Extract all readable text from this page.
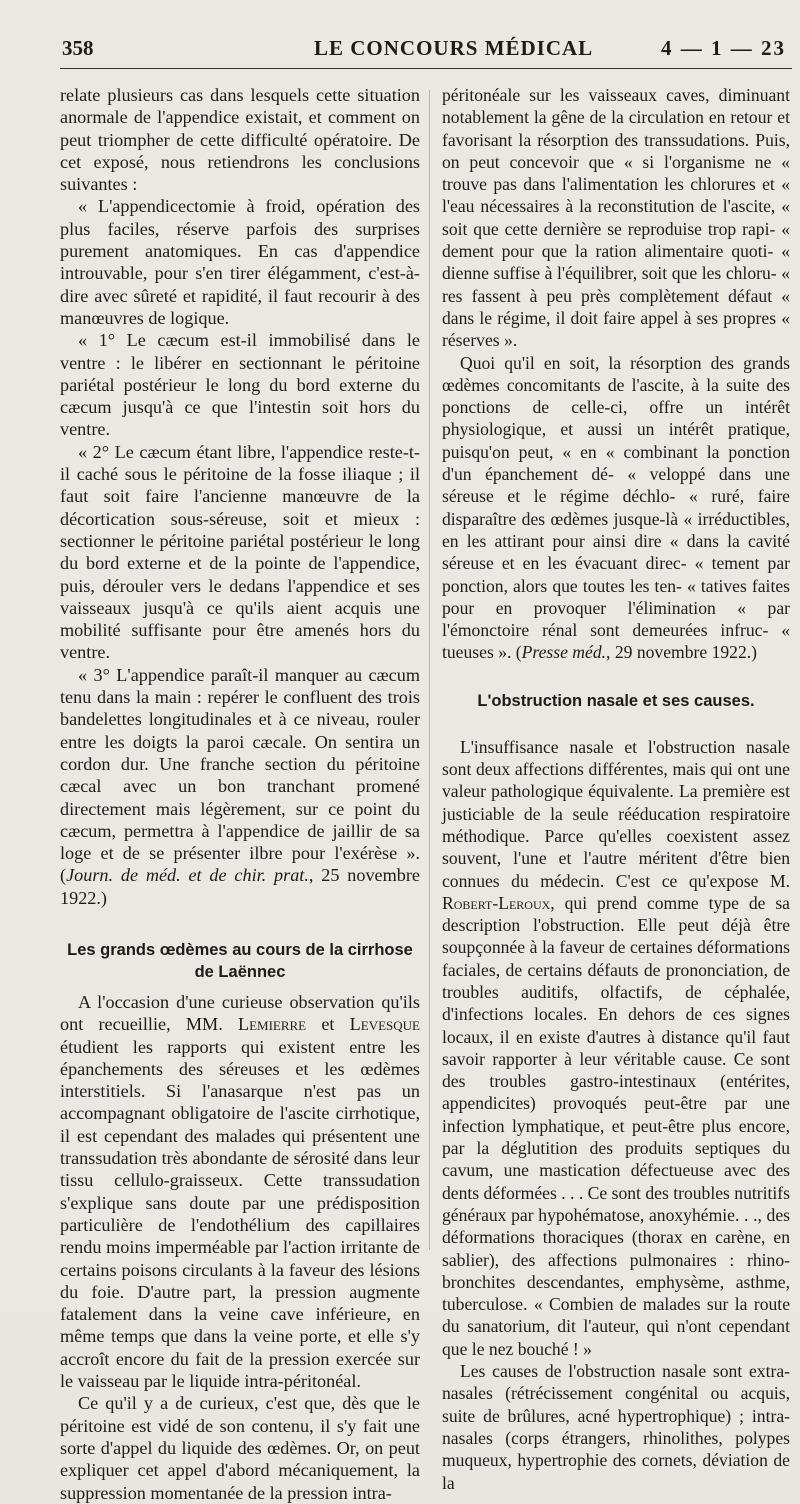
358	LE CONCOURS MÉDICAL	4 — 1 — 23

relate plusieurs cas dans lesquels cette situation anormale de l'appendice existait, et comment on peut triompher de cette difficulté opératoire. De cet exposé, nous retiendrons les conclusions suivantes :

« L'appendicectomie à froid, opération des plus faciles, réserve parfois des surprises purement anatomiques. En cas d'appendice introuvable, pour s'en tirer élégamment, c'est-à-dire avec sûreté et rapidité, il faut recourir à des manœuvres de logique.

« 1° Le cæcum est-il immobilisé dans le ventre : le libérer en sectionnant le péritoine pariétal postérieur le long du bord externe du cæcum jusqu'à ce que l'intestin soit hors du ventre.

« 2° Le cæcum étant libre, l'appendice reste-t-il caché sous le péritoine de la fosse iliaque ; il faut soit faire l'ancienne manœuvre de la décortication sous-séreuse, soit et mieux : sectionner le péritoine pariétal postérieur le long du bord externe et de la pointe de l'appendice, puis, dérouler vers le dedans l'appendice et ses vaisseaux jusqu'à ce qu'ils aient acquis une mobilité suffisante pour être amenés hors du ventre.

« 3° L'appendice paraît-il manquer au cæcum tenu dans la main : repérer le confluent des trois bandelettes longitudinales et à ce niveau, rouler entre les doigts la paroi cæcale. On sentira un cordon dur. Une franche section du péritoine cæcal avec un bon tranchant promené directement mais légèrement, sur ce point du cæcum, permettra à l'appendice de jaillir de sa loge et de se présenter ilbre pour l'exérèse ». (Journ. de méd. et de chir. prat., 25 novembre 1922.)

Les grands œdèmes au cours de la cirrhose de Laënnec

A l'occasion d'une curieuse observation qu'ils ont recueillie, MM. Lemierre et Levesque étudient les rapports qui existent entre les épanchements des séreuses et les œdèmes interstitiels. Si l'anasarque n'est pas un accompagnant obligatoire de l'ascite cirrhotique, il est cependant des malades qui présentent une transsudation très abondante de sérosité dans leur tissu cellulo-graisseux. Cette transsudation s'explique sans doute par une prédisposition particulière de l'endothélium des capillaires rendu moins imperméable par l'action irritante de certains poisons circulants à la faveur des lésions du foie. D'autre part, la pression augmente fatalement dans la veine cave inférieure, en même temps que dans la veine porte, et elle s'y accroît encore du fait de la pression exercée sur le vaisseau par le liquide intra-péritonéal.

Ce qu'il y a de curieux, c'est que, dès que le péritoine est vidé de son contenu, il s'y fait une sorte d'appel du liquide des œdèmes. Or, on peut expliquer cet appel d'abord mécaniquement, la suppression momentanée de la pression intra-

péritonéale sur les vaisseaux caves, diminuant notablement la gêne de la circulation en retour et favorisant la résorption des transsudations. Puis, on peut concevoir que « si l'organisme ne « trouve pas dans l'alimentation les chlorures et « l'eau nécessaires à la reconstitution de l'ascite, « soit que cette dernière se reproduise trop rapi- « dement pour que la ration alimentaire quoti- « dienne suffise à l'équilibrer, soit que les chloru- « res fassent à peu près complètement défaut « dans le régime, il doit faire appel à ses propres « réserves ».

Quoi qu'il en soit, la résorption des grands œdèmes concomitants de l'ascite, à la suite des ponctions de celle-ci, offre un intérêt physiologique, et aussi un intérêt pratique, puisqu'on peut, « en « combinant la ponction d'un épanchement dé- « veloppé dans une séreuse et le régime déchlo- « ruré, faire disparaître des œdèmes jusque-là « irréductibles, en les attirant pour ainsi dire « dans la cavité séreuse et en les évacuant direc- « tement par ponction, alors que toutes les ten- « tatives faites pour en provoquer l'élimination « par l'émonctoire rénal sont demeurées infruc- « tueuses ». (Presse méd., 29 novembre 1922.)

L'obstruction nasale et ses causes.

L'insuffisance nasale et l'obstruction nasale sont deux affections différentes, mais qui ont une valeur pathologique équivalente. La première est justiciable de la seule rééducation respiratoire méthodique. Parce qu'elles coexistent assez souvent, l'une et l'autre méritent d'être bien connues du médecin. C'est ce qu'expose M. Robert-Leroux, qui prend comme type de sa description l'obstruction. Elle peut déjà être soupçonnée à la faveur de certaines déformations faciales, de certains défauts de prononciation, de troubles auditifs, olfactifs, de céphalée, d'infections locales. En dehors de ces signes locaux, il en existe d'autres à distance qu'il faut savoir rapporter à leur véritable cause. Ce sont des troubles gastro-intestinaux (entérites, appendicites) provoqués peut-être par une infection lymphatique, et peut-être plus encore, par la déglutition des produits septiques du cavum, une mastication défectueuse avec des dents déformées . . . Ce sont des troubles nutritifs généraux par hypohématose, anoxyhémie. . ., des déformations thoraciques (thorax en carène, en sablier), des affections pulmonaires : rhino-bronchites descendantes, emphysème, asthme, tuberculose. « Combien de malades sur la route du sanatorium, dit l'auteur, qui n'ont cependant que le nez bouché ! »

Les causes de l'obstruction nasale sont extra-nasales (rétrécissement congénital ou acquis, suite de brûlures, acné hypertrophique) ; intra-nasales (corps étrangers, rhinolithes, polypes muqueux, hypertrophie des cornets, déviation de la
